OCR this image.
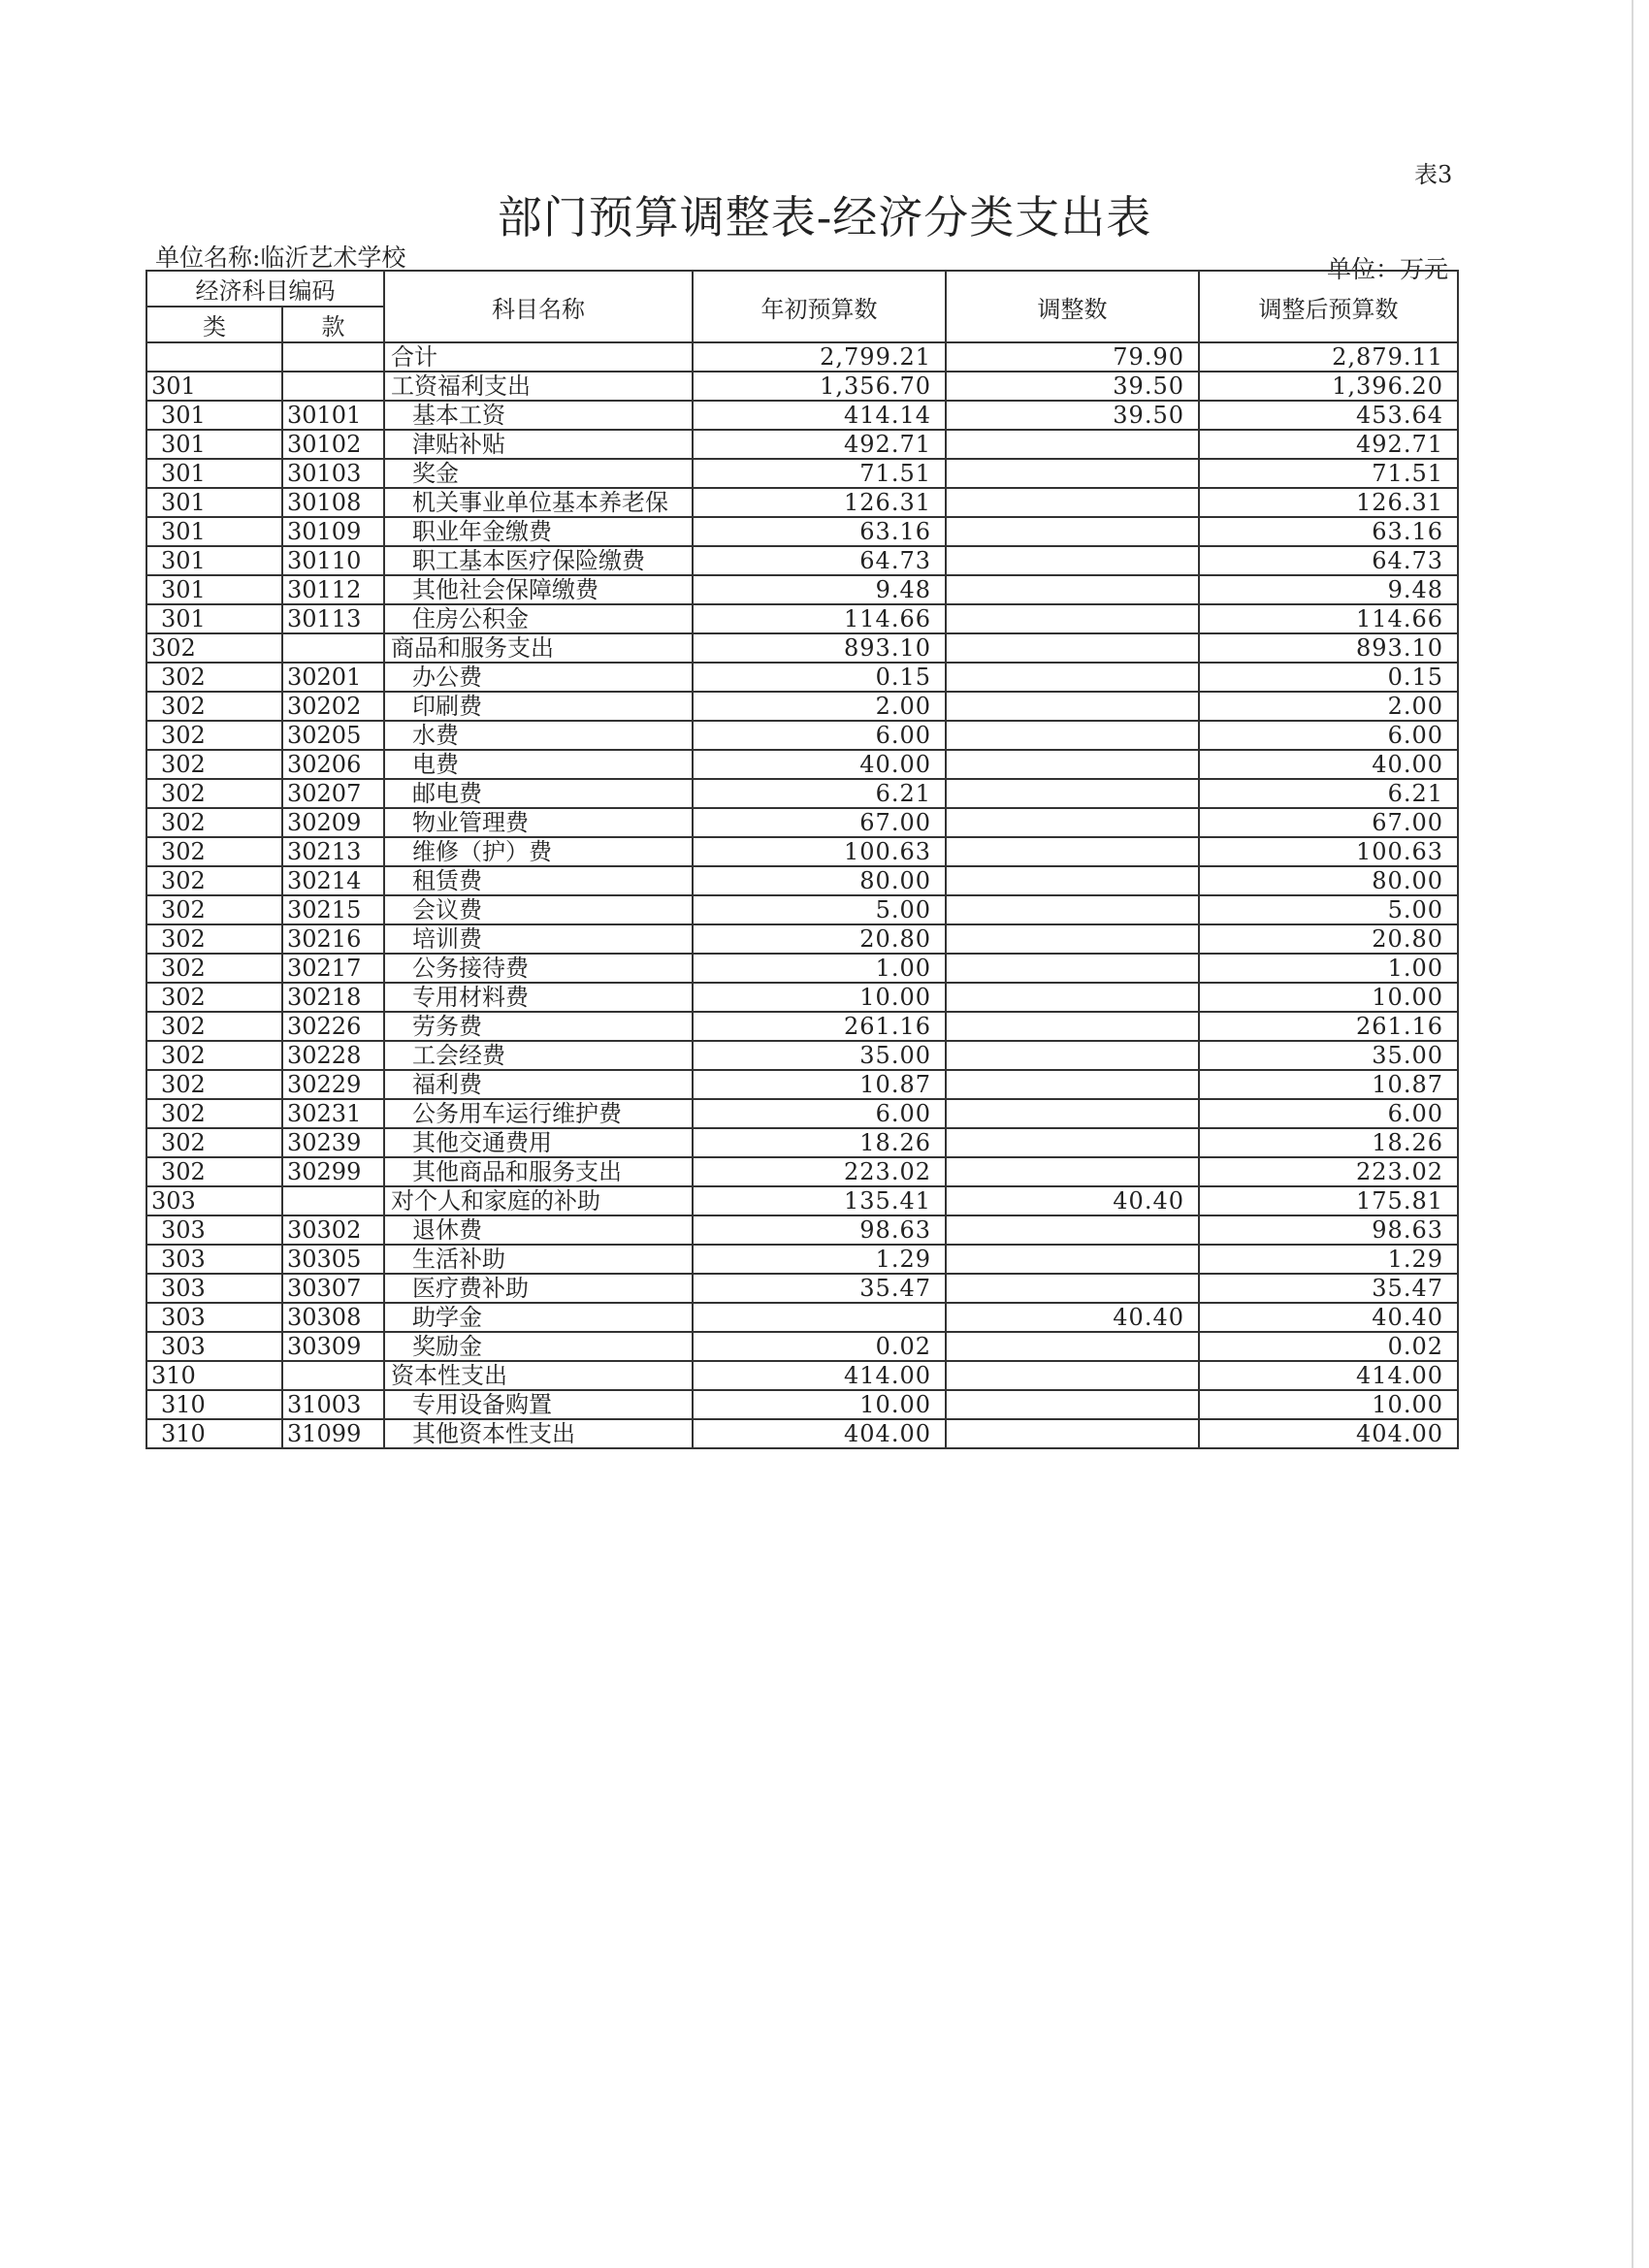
表3
部门预算调整表-经济分类支出表
单位名称:临沂艺术学校	单位：万元
经济科目编码		科目名称	年初预算数	调整数	调整后预算数
类	款				
		合计	2,799.21	79.90	2,879.11
301		工资福利支出	1,356.70	39.50	1,396.20
301	30101	基本工资	414.14	39.50	453.64
301	30102	津贴补贴	492.71		492.71
301	30103	奖金	71.51		71.51
301	30108	机关事业单位基本养老保	126.31		126.31
301	30109	职业年金缴费	63.16		63.16
301	30110	职工基本医疗保险缴费	64.73		64.73
301	30112	其他社会保障缴费	9.48		9.48
301	30113	住房公积金	114.66		114.66
302		商品和服务支出	893.10		893.10
302	30201	办公费	0.15		0.15
302	30202	印刷费	2.00		2.00
302	30205	水费	6.00		6.00
302	30206	电费	40.00		40.00
302	30207	邮电费	6.21		6.21
302	30209	物业管理费	67.00		67.00
302	30213	维修（护）费	100.63		100.63
302	30214	租赁费	80.00		80.00
302	30215	会议费	5.00		5.00
302	30216	培训费	20.80		20.80
302	30217	公务接待费	1.00		1.00
302	30218	专用材料费	10.00		10.00
302	30226	劳务费	261.16		261.16
302	30228	工会经费	35.00		35.00
302	30229	福利费	10.87		10.87
302	30231	公务用车运行维护费	6.00		6.00
302	30239	其他交通费用	18.26		18.26
302	30299	其他商品和服务支出	223.02		223.02
303		对个人和家庭的补助	135.41	40.40	175.81
303	30302	退休费	98.63		98.63
303	30305	生活补助	1.29		1.29
303	30307	医疗费补助	35.47		35.47
303	30308	助学金		40.40	40.40
303	30309	奖励金	0.02		0.02
310		资本性支出	414.00		414.00
310	31003	专用设备购置	10.00		10.00
310	31099	其他资本性支出	404.00		404.00
